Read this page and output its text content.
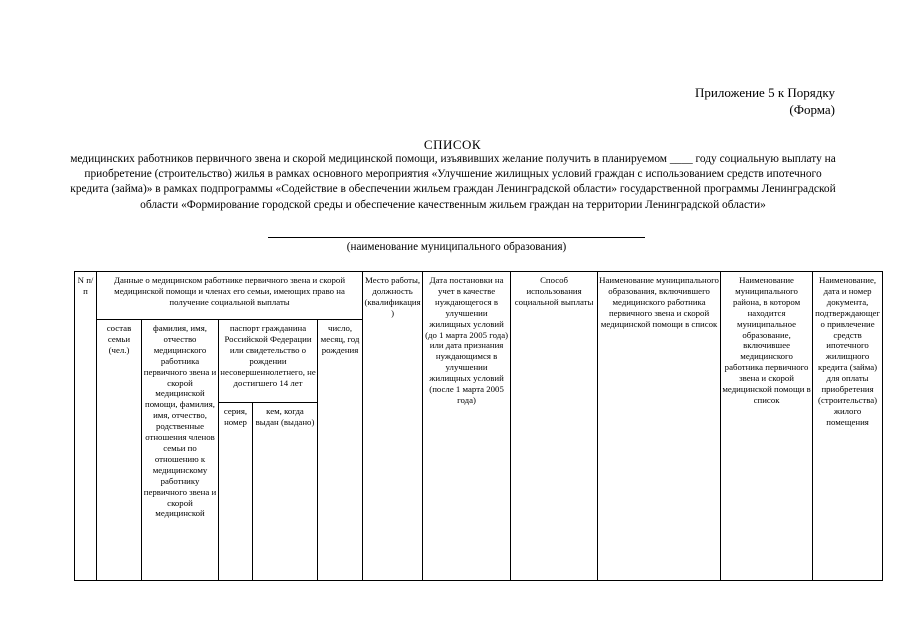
Приложение 5 к Порядку
(Форма)
СПИСОК
медицинских работников первичного звена и скорой медицинской помощи, изъявивших желание получить в планируемом ____ году социальную выплату на приобретение (строительство) жилья в рамках основного мероприятия «Улучшение жилищных условий граждан с использованием средств ипотечного кредита (займа)» в рамках подпрограммы «Содействие в обеспечении жильем граждан Ленинградской области» государственной программы Ленинградской области «Формирование городской среды и обеспечение качественным жильем граждан на территории Ленинградской области»
(наименование муниципального образования)
N п/п	Данные о медицинском работнике первичного звена и скорой медицинской помощи и членах его семьи, имеющих право на получение социальной выплаты					Место работы, должность (квалификация)	Дата постановки на учет в качестве нуждающегося в улучшении жилищных условий (до 1 марта 2005 года) или дата признания нуждающимся в улучшении жилищных условий (после 1 марта 2005 года)	Способ использования социальной выплаты	Наименование муниципального образования, включившего медицинского работника первичного звена и скорой медицинской помощи в список	Наименование муниципального района, в котором находится муниципальное образование, включившее медицинского работника первичного звена и скорой медицинской помощи в список	Наименование, дата и номер документа, подтверждающего привлечение средств ипотечного жилищного кредита (займа) для оплаты приобретения (строительства) жилого помещения
	состав семьи (чел.)	фамилия, имя, отчество медицинского работника первичного звена и скорой медицинской помощи, фамилия, имя, отчество, родственные отношения членов семьи по отношению к медицинскому работнику первичного звена и скорой медицинской	паспорт гражданина Российской Федерации или свидетельство о рождении несовершеннолетнего, не достигшего 14 лет		число, месяц, год рождения						
			серия, номер	кем, когда выдан (выдано)							
